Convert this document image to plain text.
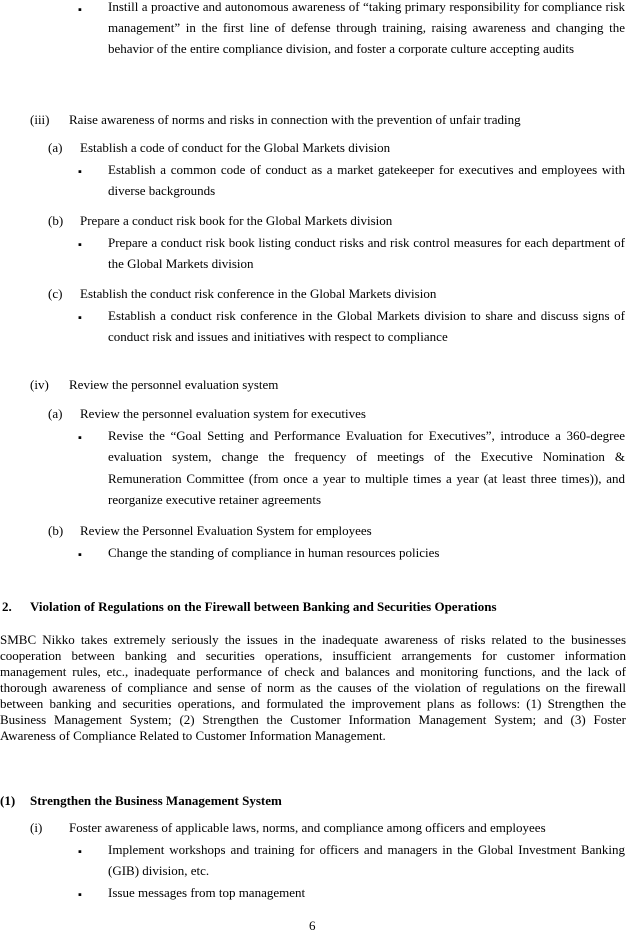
▪ Instill a proactive and autonomous awareness of “taking primary responsibility for compliance risk management” in the first line of defense through training, raising awareness and changing the behavior of the entire compliance division, and foster a corporate culture accepting audits
(iii) Raise awareness of norms and risks in connection with the prevention of unfair trading
(a) Establish a code of conduct for the Global Markets division
▪ Establish a common code of conduct as a market gatekeeper for executives and employees with diverse backgrounds
(b) Prepare a conduct risk book for the Global Markets division
▪ Prepare a conduct risk book listing conduct risks and risk control measures for each department of the Global Markets division
(c) Establish the conduct risk conference in the Global Markets division
▪ Establish a conduct risk conference in the Global Markets division to share and discuss signs of conduct risk and issues and initiatives with respect to compliance
(iv) Review the personnel evaluation system
(a) Review the personnel evaluation system for executives
▪ Revise the “Goal Setting and Performance Evaluation for Executives”, introduce a 360-degree evaluation system, change the frequency of meetings of the Executive Nomination & Remuneration Committee (from once a year to multiple times a year (at least three times)), and reorganize executive retainer agreements
(b) Review the Personnel Evaluation System for employees
▪ Change the standing of compliance in human resources policies
2. Violation of Regulations on the Firewall between Banking and Securities Operations
SMBC Nikko takes extremely seriously the issues in the inadequate awareness of risks related to the businesses cooperation between banking and securities operations, insufficient arrangements for customer information management rules, etc., inadequate performance of check and balances and monitoring functions, and the lack of thorough awareness of compliance and sense of norm as the causes of the violation of regulations on the firewall between banking and securities operations, and formulated the improvement plans as follows: (1) Strengthen the Business Management System; (2) Strengthen the Customer Information Management System; and (3) Foster Awareness of Compliance Related to Customer Information Management.
(1) Strengthen the Business Management System
(i) Foster awareness of applicable laws, norms, and compliance among officers and employees
▪ Implement workshops and training for officers and managers in the Global Investment Banking (GIB) division, etc.
▪ Issue messages from top management
6
